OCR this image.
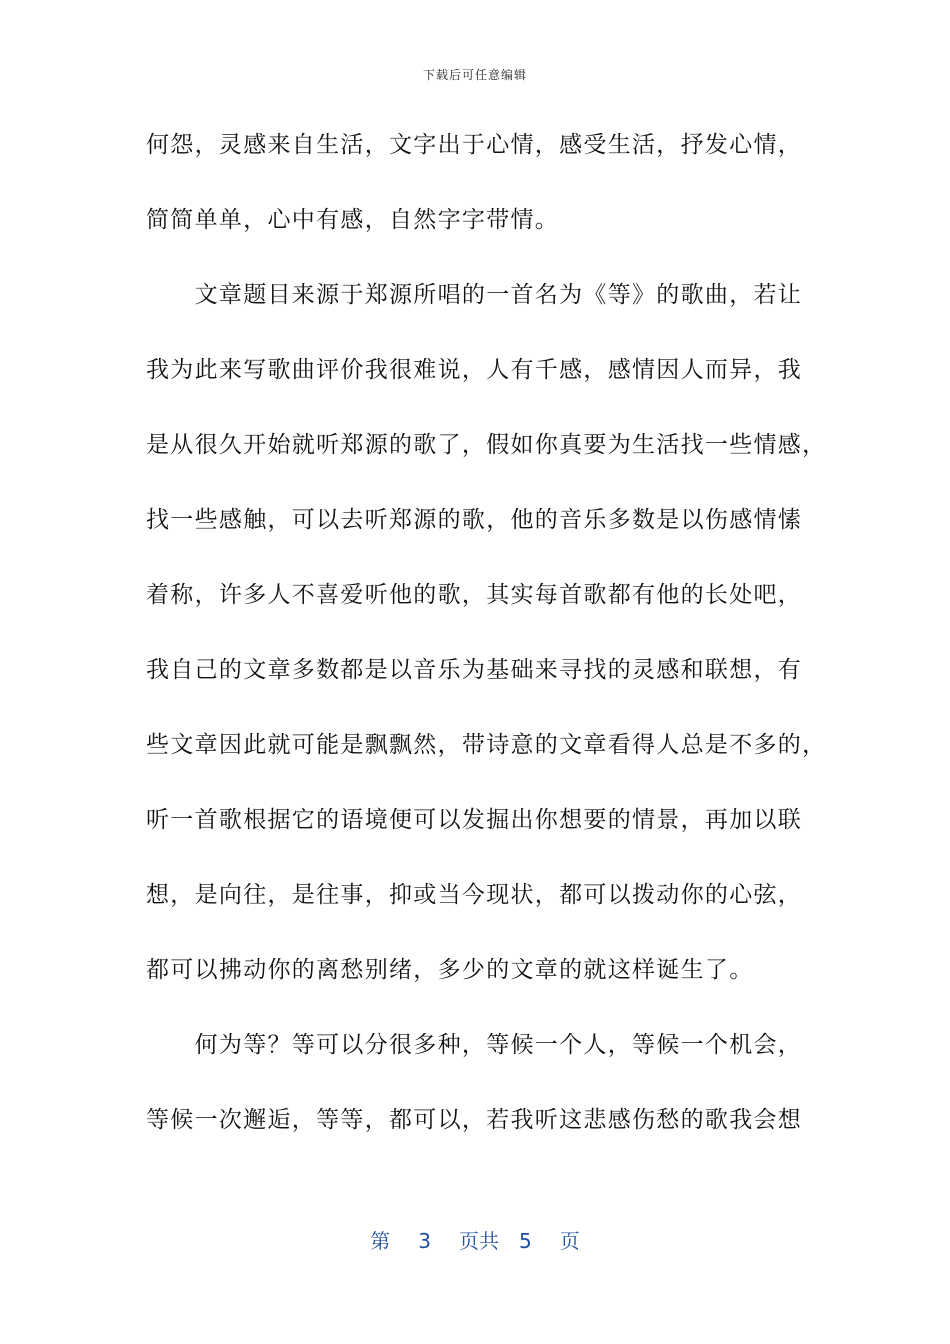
下载后可任意编辑
何怨，灵感来自生活，文字出于心情，感受生活，抒发心情，
简简单单，心中有感，自然字字带情。
　　文章题目来源于郑源所唱的一首名为《等》的歌曲，若让
我为此来写歌曲评价我很难说，人有千感，感情因人而异，我
是从很久开始就听郑源的歌了，假如你真要为生活找一些情感，
找一些感触，可以去听郑源的歌，他的音乐多数是以伤感情愫
着称，许多人不喜爱听他的歌，其实每首歌都有他的长处吧，
我自己的文章多数都是以音乐为基础来寻找的灵感和联想，有
些文章因此就可能是飘飘然，带诗意的文章看得人总是不多的，
听一首歌根据它的语境便可以发掘出你想要的情景，再加以联
想，是向往，是往事，抑或当今现状，都可以拨动你的心弦，
都可以拂动你的离愁别绪，多少的文章的就这样诞生了。
　　何为等？等可以分很多种，等候一个人，等候一个机会，
等候一次邂逅，等等，都可以，若我听这悲感伤愁的歌我会想
第 3 页共 5 页
